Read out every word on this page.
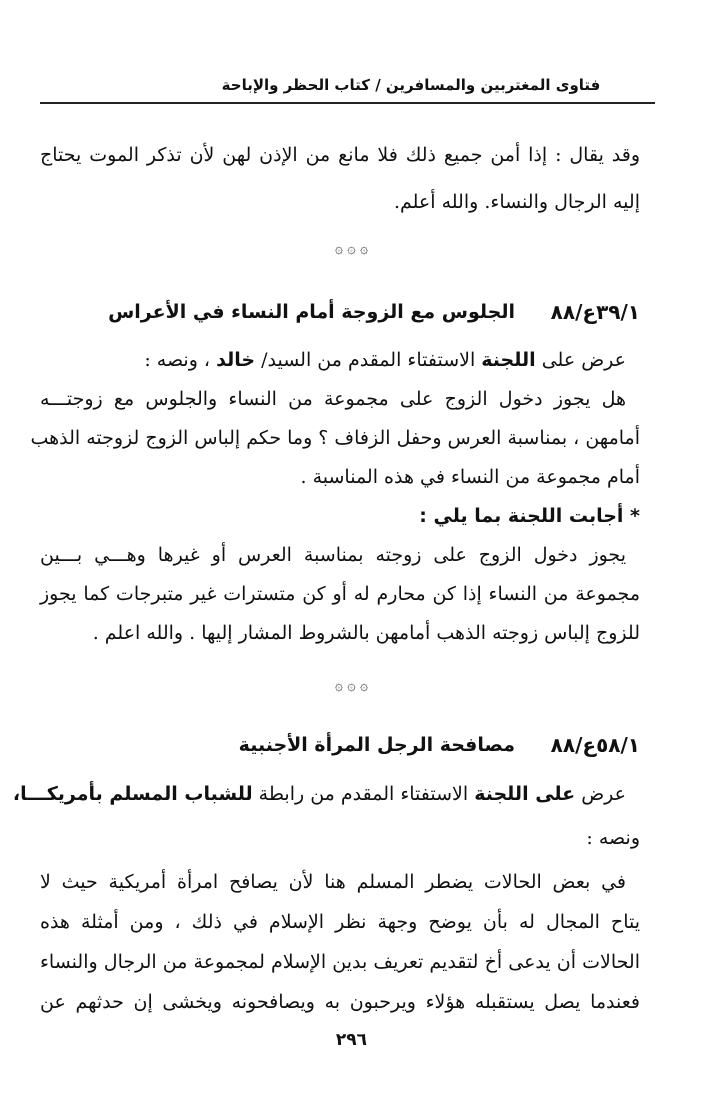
فتاوى المغتربين والمسافرين / كتاب الحظر والإباحة
وقد يقال : إذا أمن جميع ذلك فلا مانع من الإذن لهن لأن تذكر الموت يحتاج
إليه الرجال والنساء. والله أعلم.
۞ ۞ ۞
٣٩/١ع/٨٨
الجلوس مع الزوجة أمام النساء في الأعراس
عرض على اللجنة الاستفتاء المقدم من السيد/ خالد ، ونصه :
هل يجوز دخول الزوج على مجموعة من النساء والجلوس مع زوجتـــه
أمامهن ، بمناسبة العرس وحفل الزفاف ؟ وما حكم إلباس الزوج لزوجته الذهب
أمام مجموعة من النساء في هذه المناسبة .
* أجابت اللجنة بما يلي :
يجوز دخول الزوج على زوجته بمناسبة العرس أو غيرها وهـــي بـــين
مجموعة من النساء إذا كن محارم له أو كن متسترات غير متبرجات كما يجوز
للزوج إلباس زوجته الذهب أمامهن بالشروط المشار إليها . والله اعلم .
۞ ۞ ۞
٥٨/١ع/٨٨
مصافحة الرجل المرأة الأجنبية
عرض على اللجنة الاستفتاء المقدم من رابطة للشباب المسلم بأمريكـــا،
ونصه :
في بعض الحالات يضطر المسلم هنا لأن يصافح امرأة أمريكية حيث لا
يتاح المجال له بأن يوضح وجهة نظر الإسلام في ذلك ، ومن أمثلة هذه
الحالات أن يدعى أخ لتقديم تعريف بدين الإسلام لمجموعة من الرجال والنساء
فعندما يصل يستقبله هؤلاء ويرحبون به ويصافحونه ويخشى إن حدثهم عن
٢٩٦
